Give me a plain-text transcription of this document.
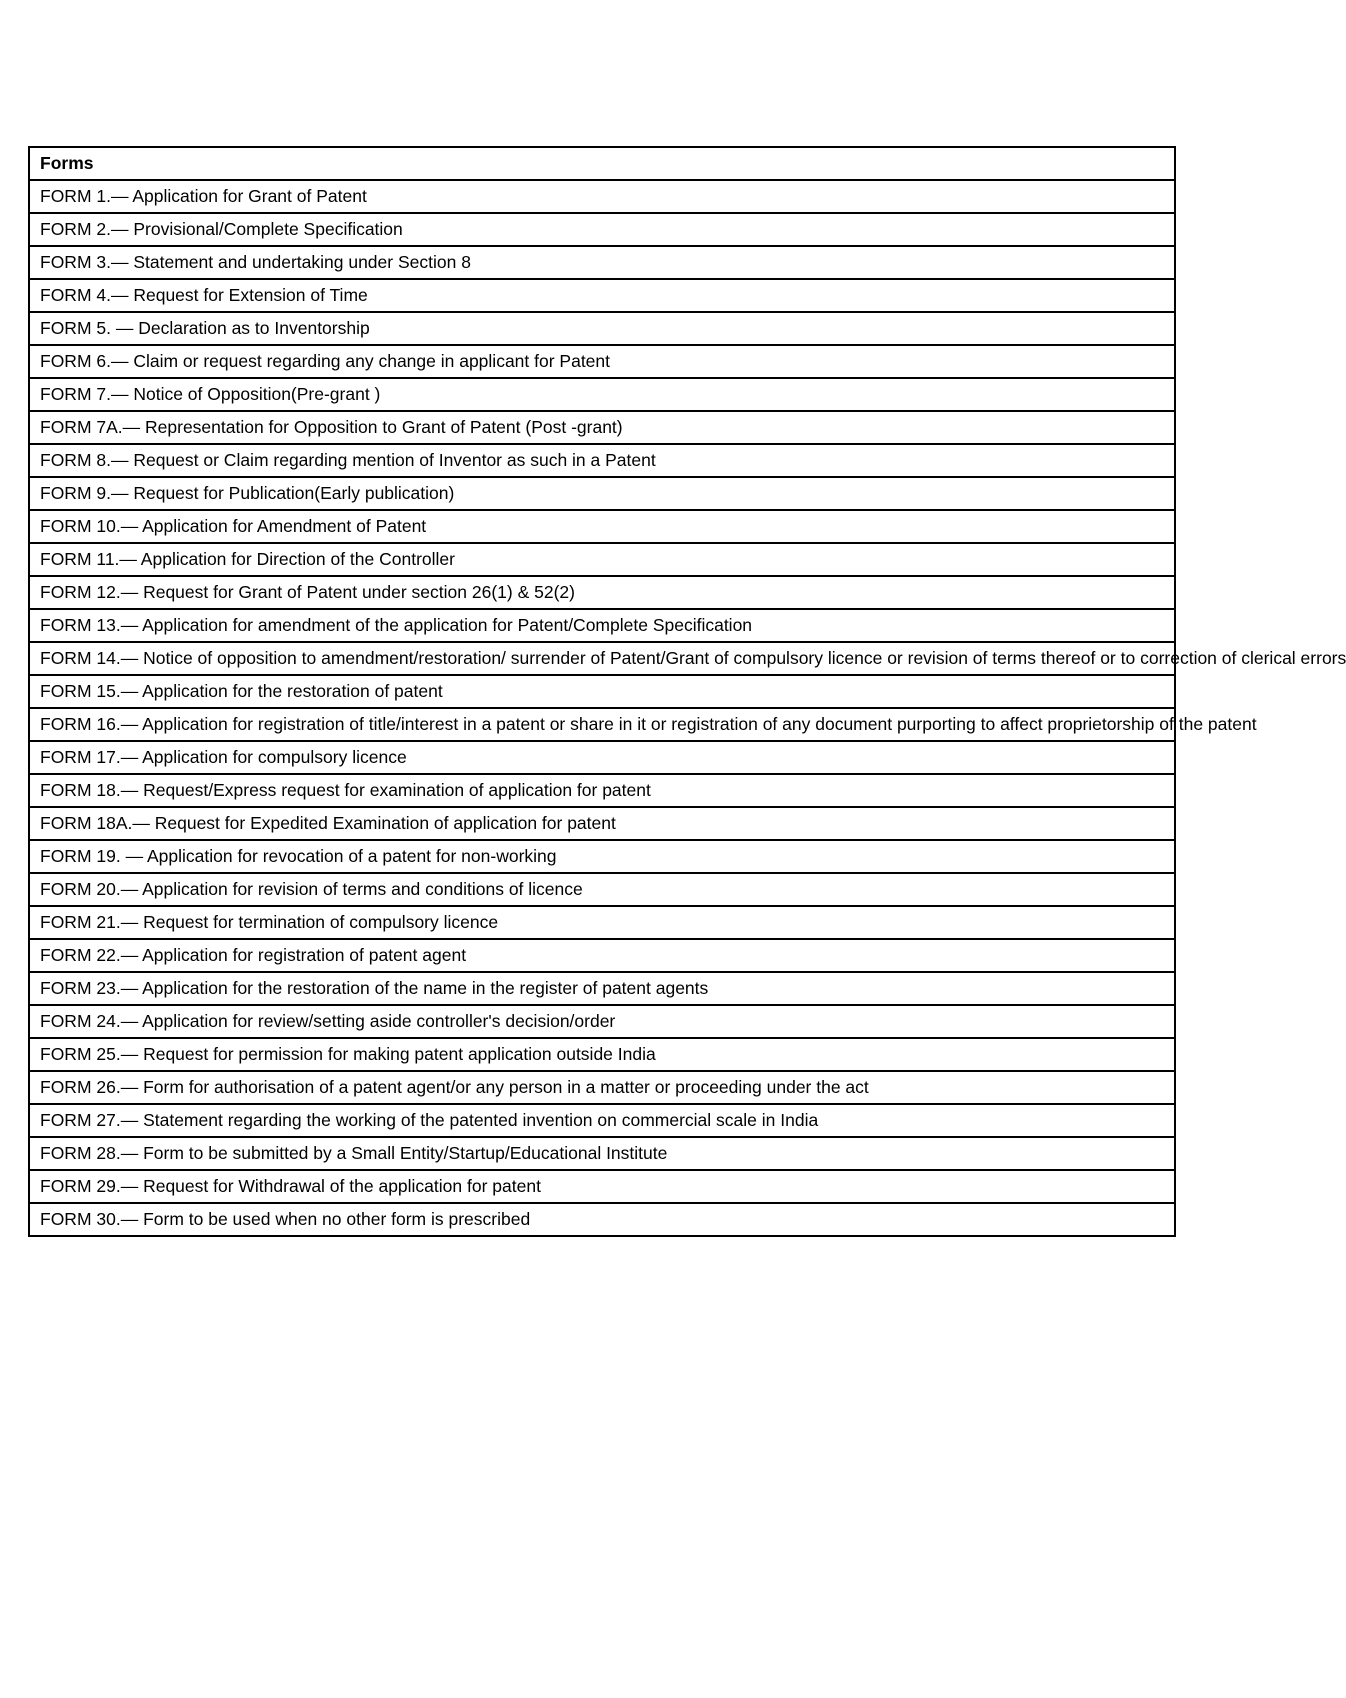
Forms
FORM 1.— Application for Grant of Patent
FORM 2.— Provisional/Complete Specification
FORM 3.— Statement and undertaking under Section 8
FORM 4.— Request for Extension of Time
FORM 5. — Declaration as to Inventorship
FORM 6.— Claim or request regarding any change in applicant for Patent
FORM 7.— Notice of Opposition(Pre-grant )
FORM 7A.— Representation for Opposition to Grant of Patent (Post -grant)
FORM 8.— Request or Claim regarding mention of Inventor as such in a Patent
FORM 9.— Request for Publication(Early publication)
FORM 10.— Application for Amendment of Patent
FORM 11.— Application for Direction of the Controller
FORM 12.— Request for Grant of Patent under section 26(1) & 52(2)
FORM 13.— Application for amendment of the application for Patent/Complete Specification
FORM 14.— Notice of opposition to amendment/restoration/ surrender of Patent/Grant of compulsory licence or revision of terms thereof or to correction of clerical errors
FORM 15.— Application for the restoration of patent
FORM 16.— Application for registration of title/interest in a patent or share in it or registration of any document purporting to affect proprietorship of the patent
FORM 17.— Application for compulsory licence
FORM 18.— Request/Express request for examination of application for patent
FORM 18A.— Request for Expedited Examination of application for patent
FORM 19. — Application for revocation of a patent for non-working
FORM 20.— Application for revision of terms and conditions of licence
FORM 21.— Request for termination of compulsory licence
FORM 22.— Application for registration of patent agent
FORM 23.— Application for the restoration of the name in the register of patent agents
FORM 24.— Application for review/setting aside controller's decision/order
FORM 25.— Request for permission for making patent application outside India
FORM 26.— Form for authorisation of a patent agent/or any person in a matter or proceeding under the act
FORM 27.— Statement regarding the working of the patented invention on commercial scale in India
FORM 28.— Form to be submitted by a Small Entity/Startup/Educational Institute
FORM 29.— Request for Withdrawal of the application for patent
FORM 30.— Form to be used when no other form is prescribed
